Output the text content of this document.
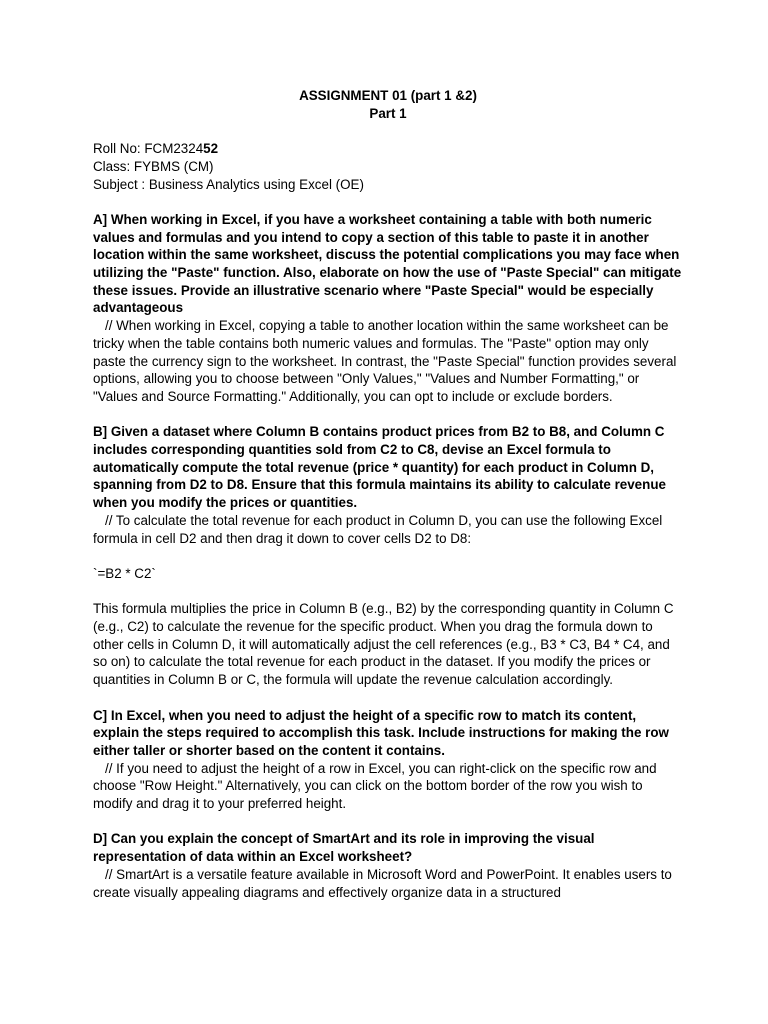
ASSIGNMENT 01 (part 1 &2)

Part 1

Roll No: FCM232452

Class: FYBMS (CM)

Subject : Business Analytics using Excel (OE)

A] When working in Excel, if you have a worksheet containing a table with both numeric values and formulas and you intend to copy a section of this table to paste it in another location within the same worksheet, discuss the potential complications you may face when utilizing the "Paste" function. Also, elaborate on how the use of "Paste Special" can mitigate these issues. Provide an illustrative scenario where "Paste Special" would be especially advantageous

// When working in Excel, copying a table to another location within the same worksheet can be tricky when the table contains both numeric values and formulas. The "Paste" option may only paste the currency sign to the worksheet. In contrast, the "Paste Special" function provides several options, allowing you to choose between "Only Values," "Values and Number Formatting," or "Values and Source Formatting." Additionally, you can opt to include or exclude borders.

B] Given a dataset where Column B contains product prices from B2 to B8, and Column C includes corresponding quantities sold from C2 to C8, devise an Excel formula to automatically compute the total revenue (price * quantity) for each product in Column D, spanning from D2 to D8. Ensure that this formula maintains its ability to calculate revenue when you modify the prices or quantities.

// To calculate the total revenue for each product in Column D, you can use the following Excel formula in cell D2 and then drag it down to cover cells D2 to D8:

`=B2 * C2`

This formula multiplies the price in Column B (e.g., B2) by the corresponding quantity in Column C (e.g., C2) to calculate the revenue for the specific product. When you drag the formula down to other cells in Column D, it will automatically adjust the cell references (e.g., B3 * C3, B4 * C4, and so on) to calculate the total revenue for each product in the dataset. If you modify the prices or quantities in Column B or C, the formula will update the revenue calculation accordingly.

C] In Excel, when you need to adjust the height of a specific row to match its content, explain the steps required to accomplish this task. Include instructions for making the row either taller or shorter based on the content it contains.

// If you need to adjust the height of a row in Excel, you can right-click on the specific row and choose "Row Height." Alternatively, you can click on the bottom border of the row you wish to modify and drag it to your preferred height.

D] Can you explain the concept of SmartArt and its role in improving the visual representation of data within an Excel worksheet?

// SmartArt is a versatile feature available in Microsoft Word and PowerPoint. It enables users to create visually appealing diagrams and effectively organize data in a structured
